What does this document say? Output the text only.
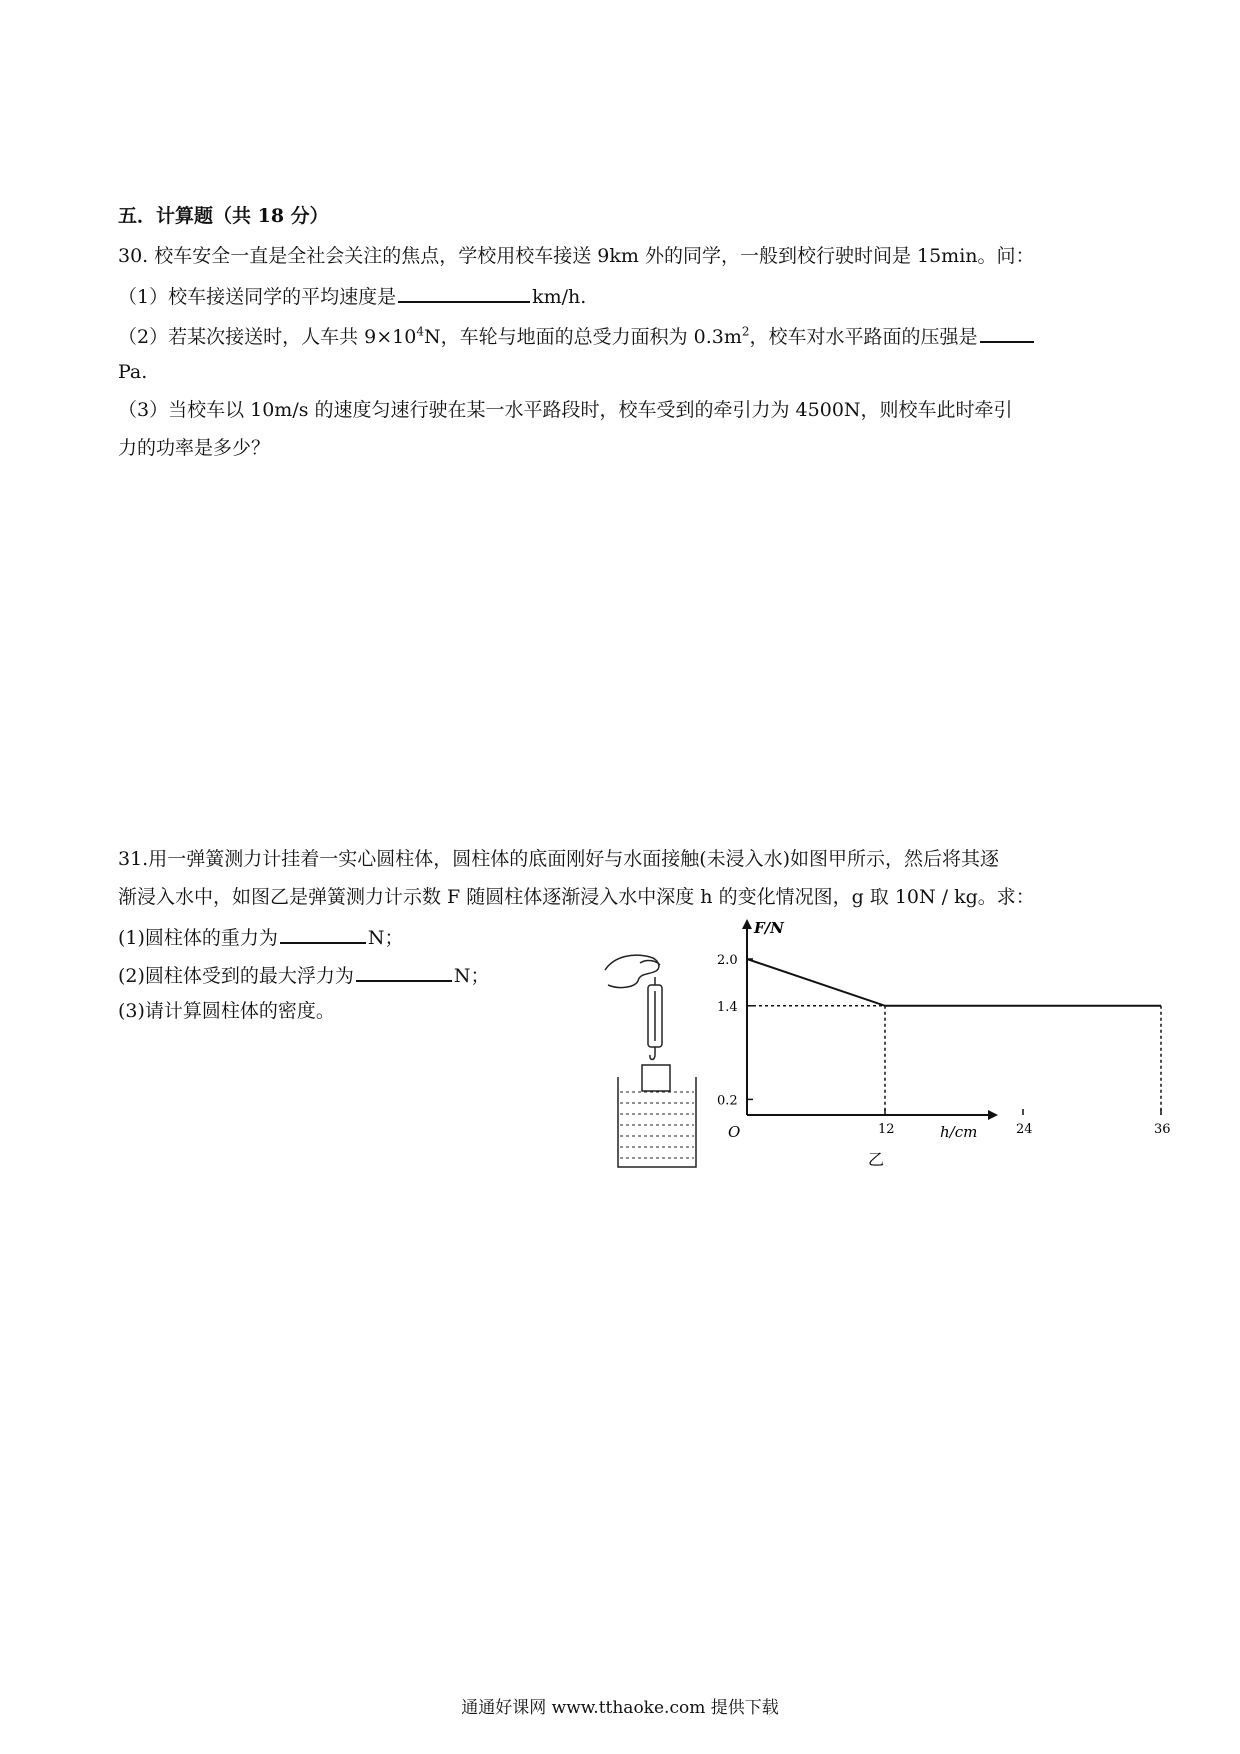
五．计算题（共 18 分）
30. 校车安全一直是全社会关注的焦点，学校用校车接送 9km 外的同学，一般到校行驶时间是 15min。问：
（1）校车接送同学的平均速度是	km/h.
（2）若某次接送时，人车共 $9\times 10^4N$，车轮与地面的总受力面积为 $0.3m^2$，校车对水平路面的压强是
Pa.
（3）当校车以 10m/s 的速度匀速行驶在某一水平路段时，校车受到的牵引力为 4500N，则校车此时牵引
力的功率是多少？
31.用一弹簧测力计挂着一实心圆柱体，圆柱体的底面刚好与水面接触(未浸入水)如图甲所示，然后将其逐
渐浸入水中，如图乙是弹簧测力计示数 F 随圆柱体逐渐浸入水中深度 h 的变化情况图，g 取 10N / kg。求：
(1)圆柱体的重力为	N；
(2)圆柱体受到的最大浮力为	N；
(3)请计算圆柱体的密度。
F/N
h/cm
O
乙
12	24	36
2.0
1.4
0.2
通通好课网 www.tthaoke.com 提供下载
